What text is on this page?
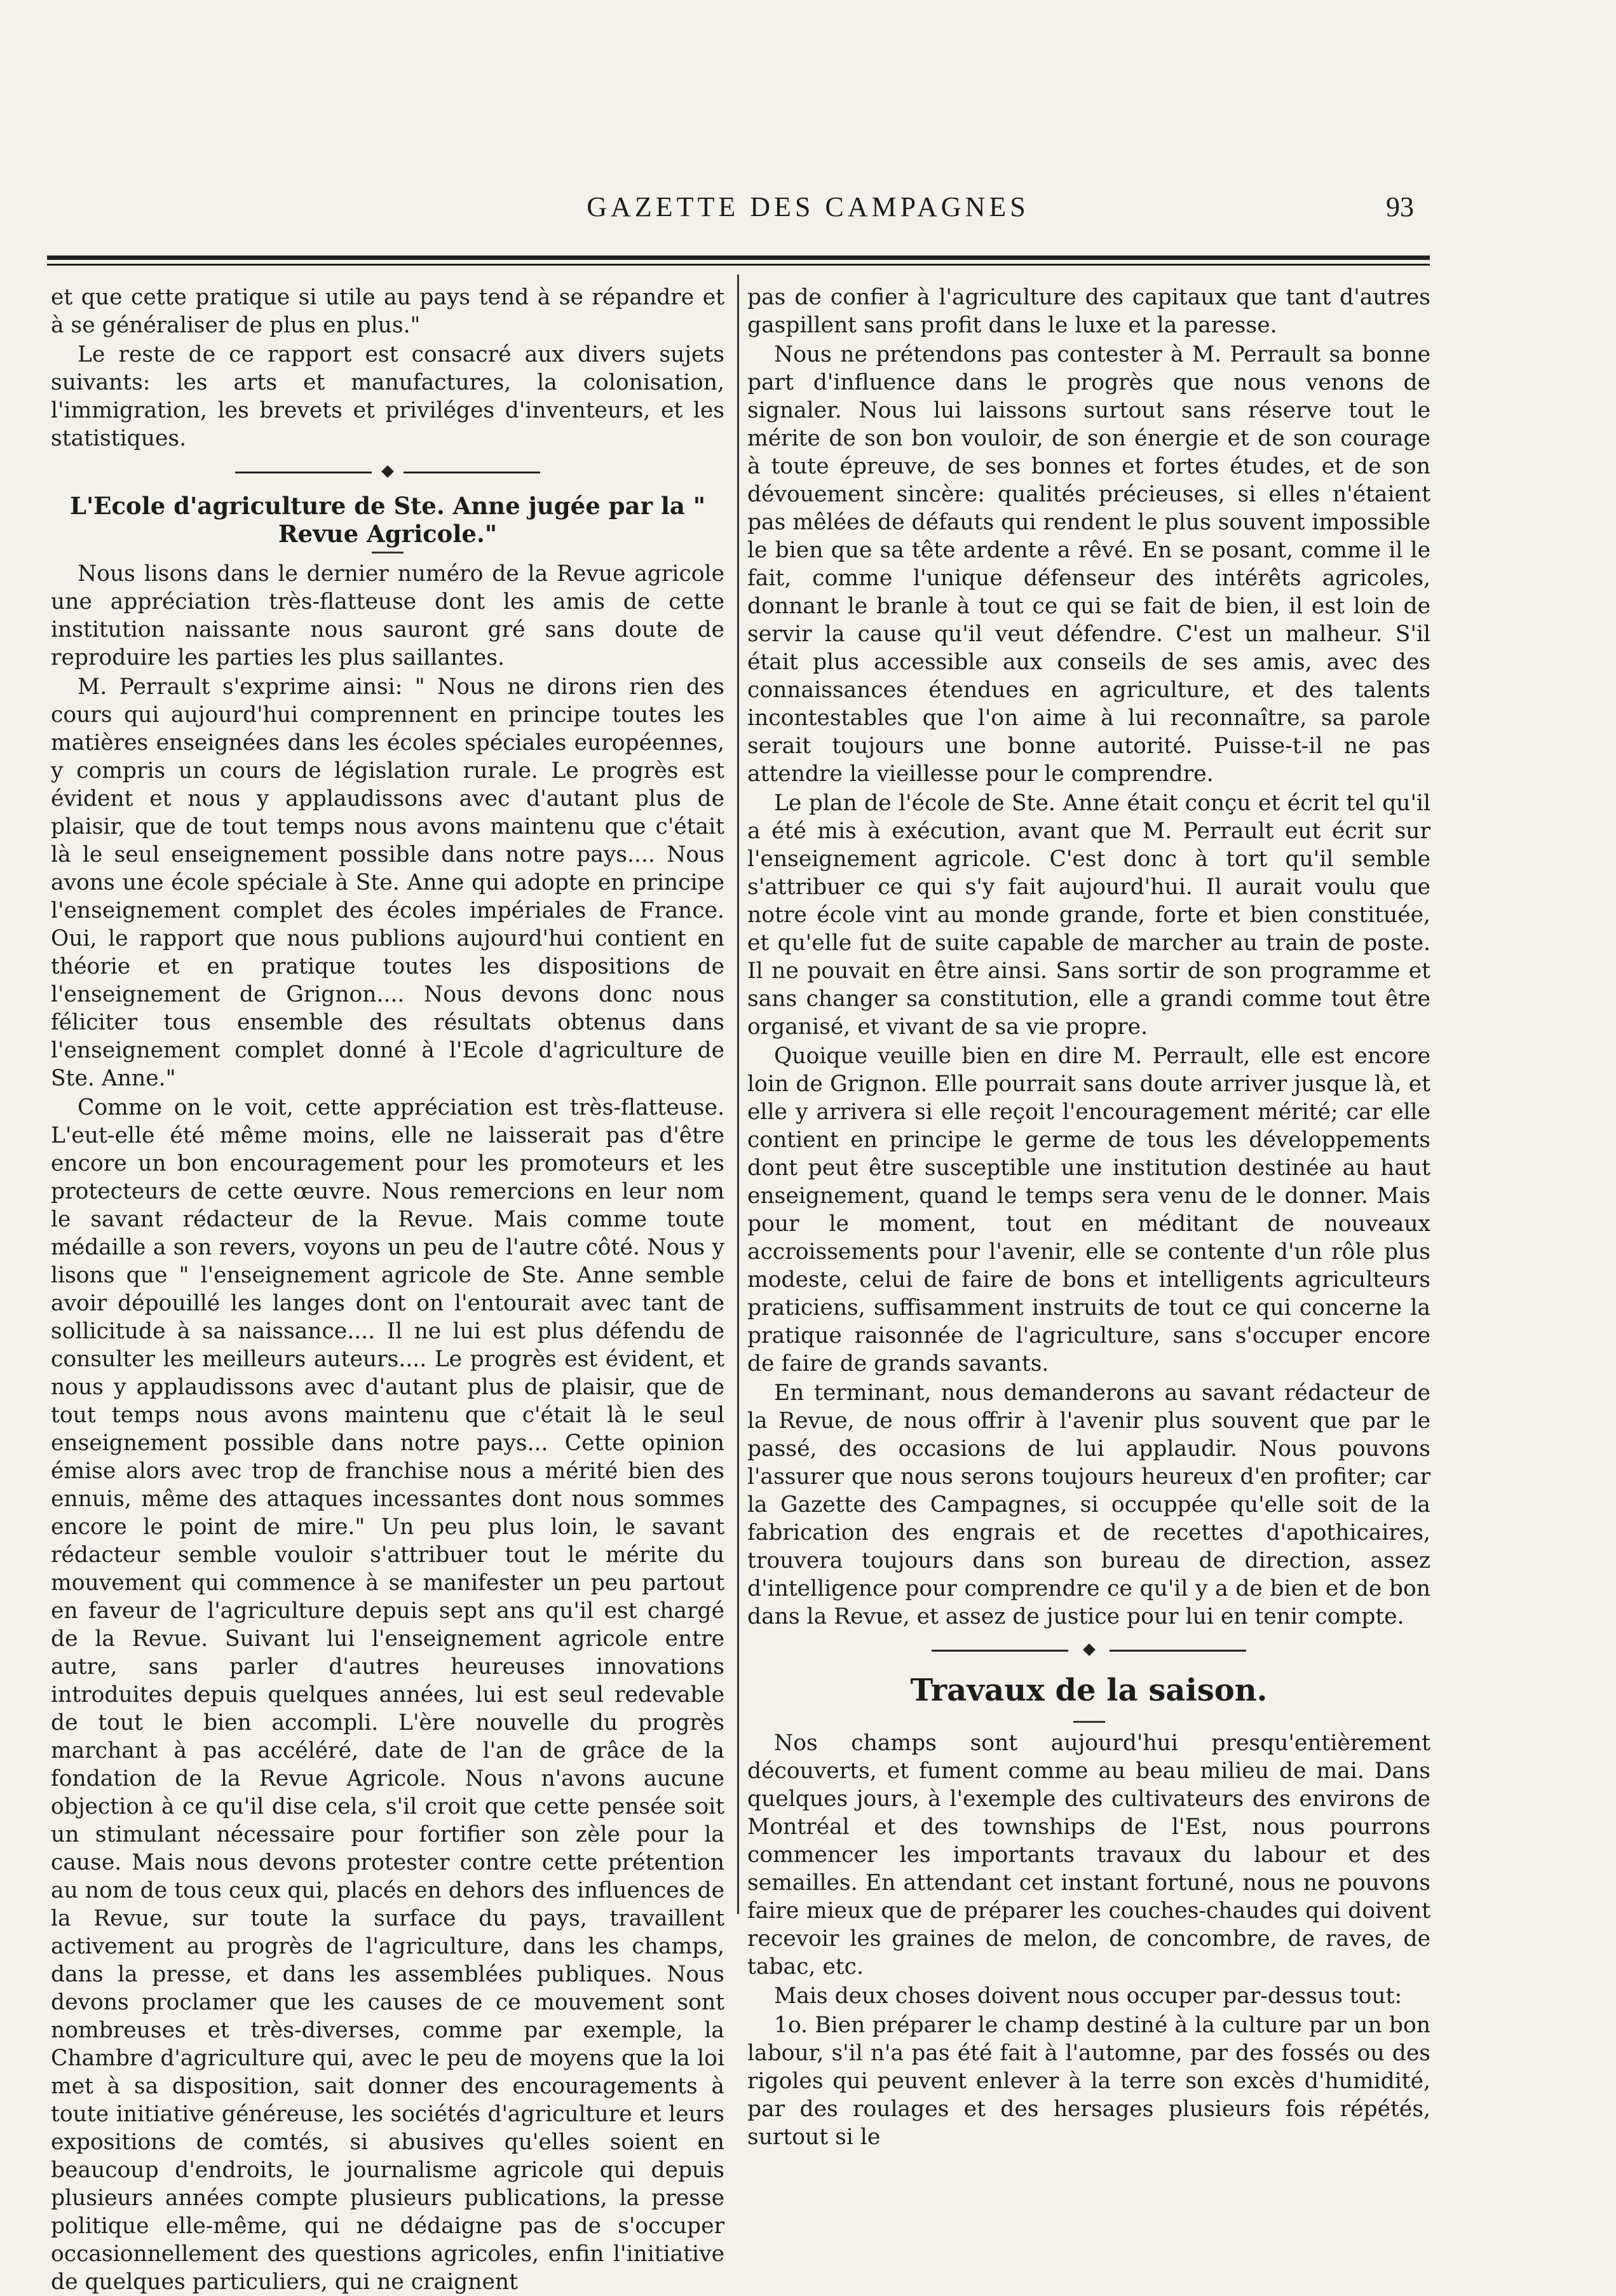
GAZETTE DES CAMPAGNES	93

et que cette pratique si utile au pays tend à se répandre et à se généraliser de plus en plus."

Le reste de ce rapport est consacré aux divers sujets suivants: les arts et manufactures, la colonisation, l'immigration, les brevets et priviléges d'inventeurs, et les statistiques.

L'Ecole d'agriculture de Ste. Anne jugée par la " Revue Agricole."

Nous lisons dans le dernier numéro de la Revue agricole une appréciation très-flatteuse dont les amis de cette institution naissante nous sauront gré sans doute de reproduire les parties les plus saillantes.

M. Perrault s'exprime ainsi: " Nous ne dirons rien des cours qui aujourd'hui comprennent en principe toutes les matières enseignées dans les écoles spéciales européennes, y compris un cours de législation rurale. Le progrès est évident et nous y applaudissons avec d'autant plus de plaisir, que de tout temps nous avons maintenu que c'était là le seul enseignement possible dans notre pays.... Nous avons une école spéciale à Ste. Anne qui adopte en principe l'enseignement complet des écoles impériales de France. Oui, le rapport que nous publions aujourd'hui contient en théorie et en pratique toutes les dispositions de l'enseignement de Grignon.... Nous devons donc nous féliciter tous ensemble des résultats obtenus dans l'enseignement complet donné à l'Ecole d'agriculture de Ste. Anne."

Comme on le voit, cette appréciation est très-flatteuse. L'eut-elle été même moins, elle ne laisserait pas d'être encore un bon encouragement pour les promoteurs et les protecteurs de cette œuvre. Nous remercions en leur nom le savant rédacteur de la Revue. Mais comme toute médaille a son revers, voyons un peu de l'autre côté. Nous y lisons que " l'enseignement agricole de Ste. Anne semble avoir dépouillé les langes dont on l'entourait avec tant de sollicitude à sa naissance.... Il ne lui est plus défendu de consulter les meilleurs auteurs.... Le progrès est évident, et nous y applaudissons avec d'autant plus de plaisir, que de tout temps nous avons maintenu que c'était là le seul enseignement possible dans notre pays... Cette opinion émise alors avec trop de franchise nous a mérité bien des ennuis, même des attaques incessantes dont nous sommes encore le point de mire." Un peu plus loin, le savant rédacteur semble vouloir s'attribuer tout le mérite du mouvement qui commence à se manifester un peu partout en faveur de l'agriculture depuis sept ans qu'il est chargé de la Revue. Suivant lui l'enseignement agricole entre autre, sans parler d'autres heureuses innovations introduites depuis quelques années, lui est seul redevable de tout le bien accompli. L'ère nouvelle du progrès marchant à pas accéléré, date de l'an de grâce de la fondation de la Revue Agricole. Nous n'avons aucune objection à ce qu'il dise cela, s'il croit que cette pensée soit un stimulant nécessaire pour fortifier son zèle pour la cause. Mais nous devons protester contre cette prétention au nom de tous ceux qui, placés en dehors des influences de la Revue, sur toute la surface du pays, travaillent activement au progrès de l'agriculture, dans les champs, dans la presse, et dans les assemblées publiques. Nous devons proclamer que les causes de ce mouvement sont nombreuses et très-diverses, comme par exemple, la Chambre d'agriculture qui, avec le peu de moyens que la loi met à sa disposition, sait donner des encouragements à toute initiative généreuse, les sociétés d'agriculture et leurs expositions de comtés, si abusives qu'elles soient en beaucoup d'endroits, le journalisme agricole qui depuis plusieurs années compte plusieurs publications, la presse politique elle-même, qui ne dédaigne pas de s'occuper occasionnellement des questions agricoles, enfin l'initiative de quelques particuliers, qui ne craignent

pas de confier à l'agriculture des capitaux que tant d'autres gaspillent sans profit dans le luxe et la paresse.

Nous ne prétendons pas contester à M. Perrault sa bonne part d'influence dans le progrès que nous venons de signaler. Nous lui laissons surtout sans réserve tout le mérite de son bon vouloir, de son énergie et de son courage à toute épreuve, de ses bonnes et fortes études, et de son dévouement sincère: qualités précieuses, si elles n'étaient pas mêlées de défauts qui rendent le plus souvent impossible le bien que sa tête ardente a rêvé. En se posant, comme il le fait, comme l'unique défenseur des intérêts agricoles, donnant le branle à tout ce qui se fait de bien, il est loin de servir la cause qu'il veut défendre. C'est un malheur. S'il était plus accessible aux conseils de ses amis, avec des connaissances étendues en agriculture, et des talents incontestables que l'on aime à lui reconnaître, sa parole serait toujours une bonne autorité. Puisse-t-il ne pas attendre la vieillesse pour le comprendre.

Le plan de l'école de Ste. Anne était conçu et écrit tel qu'il a été mis à exécution, avant que M. Perrault eut écrit sur l'enseignement agricole. C'est donc à tort qu'il semble s'attribuer ce qui s'y fait aujourd'hui. Il aurait voulu que notre école vint au monde grande, forte et bien constituée, et qu'elle fut de suite capable de marcher au train de poste. Il ne pouvait en être ainsi. Sans sortir de son programme et sans changer sa constitution, elle a grandi comme tout être organisé, et vivant de sa vie propre.

Quoique veuille bien en dire M. Perrault, elle est encore loin de Grignon. Elle pourrait sans doute arriver jusque là, et elle y arrivera si elle reçoit l'encouragement mérité; car elle contient en principe le germe de tous les développements dont peut être susceptible une institution destinée au haut enseignement, quand le temps sera venu de le donner. Mais pour le moment, tout en méditant de nouveaux accroissements pour l'avenir, elle se contente d'un rôle plus modeste, celui de faire de bons et intelligents agriculteurs praticiens, suffisamment instruits de tout ce qui concerne la pratique raisonnée de l'agriculture, sans s'occuper encore de faire de grands savants.

En terminant, nous demanderons au savant rédacteur de la Revue, de nous offrir à l'avenir plus souvent que par le passé, des occasions de lui applaudir. Nous pouvons l'assurer que nous serons toujours heureux d'en profiter; car la Gazette des Campagnes, si occuppée qu'elle soit de la fabrication des engrais et de recettes d'apothicaires, trouvera toujours dans son bureau de direction, assez d'intelligence pour comprendre ce qu'il y a de bien et de bon dans la Revue, et assez de justice pour lui en tenir compte.

Travaux de la saison.

Nos champs sont aujourd'hui presqu'entièrement découverts, et fument comme au beau milieu de mai. Dans quelques jours, à l'exemple des cultivateurs des environs de Montréal et des townships de l'Est, nous pourrons commencer les importants travaux du labour et des semailles. En attendant cet instant fortuné, nous ne pouvons faire mieux que de préparer les couches-chaudes qui doivent recevoir les graines de melon, de concombre, de raves, de tabac, etc.

Mais deux choses doivent nous occuper par-dessus tout:

1o. Bien préparer le champ destiné à la culture par un bon labour, s'il n'a pas été fait à l'automne, par des fossés ou des rigoles qui peuvent enlever à la terre son excès d'humidité, par des roulages et des hersages plusieurs fois répétés, surtout si le
